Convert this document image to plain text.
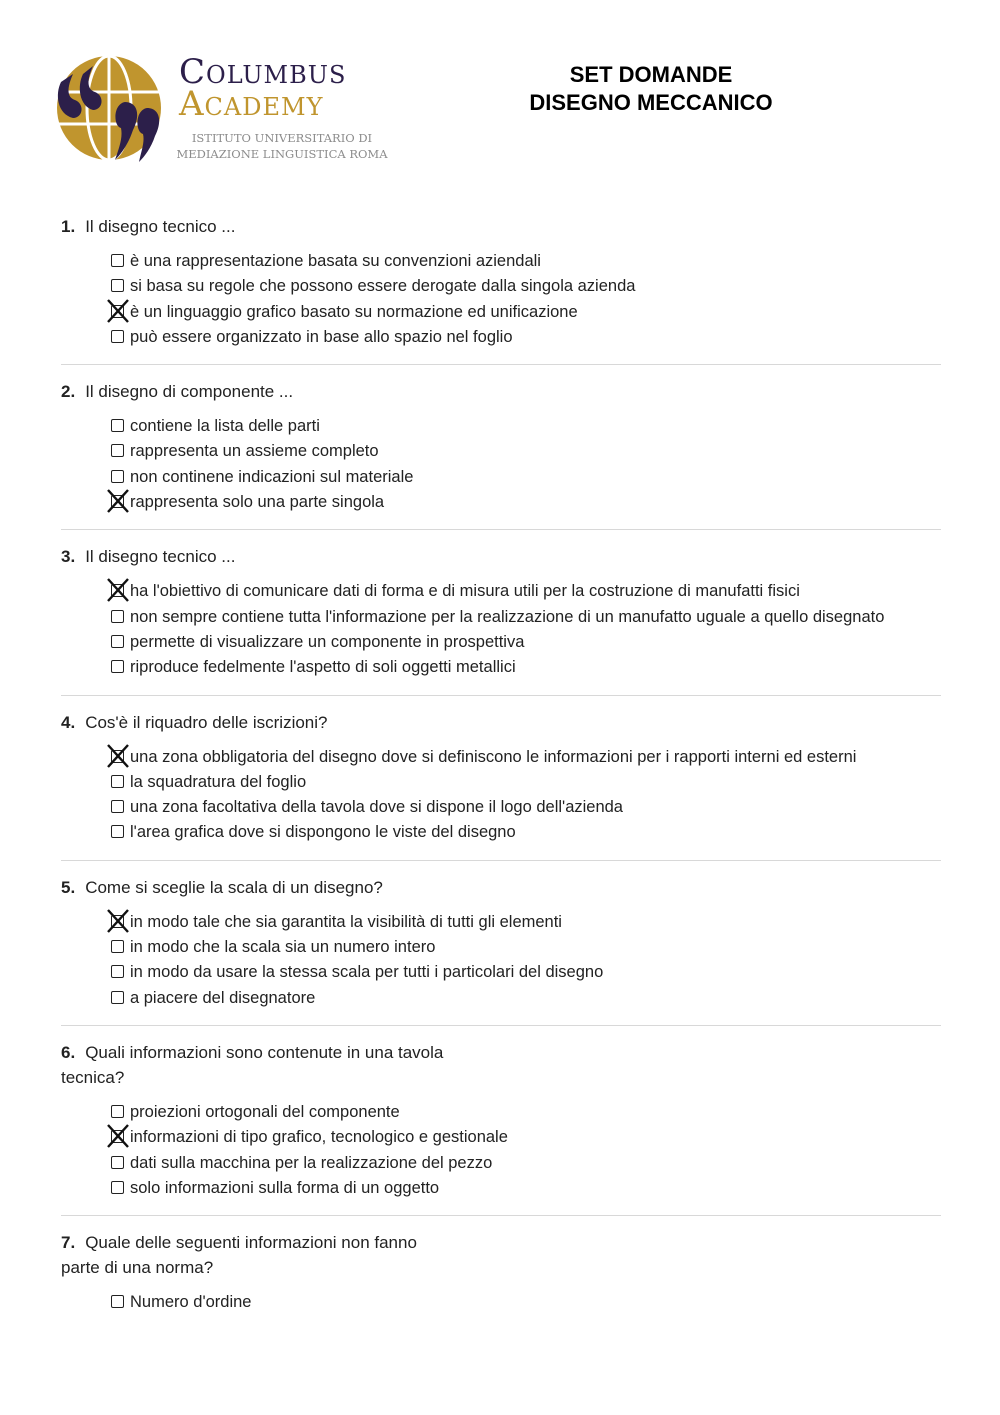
Columbus
Academy
ISTITUTO UNIVERSITARIO DI
MEDIAZIONE LINGUISTICA ROMA
SET DOMANDE
DISEGNO MECCANICO

1. Il disegno tecnico ...

è una rappresentazione basata su convenzioni aziendali
si basa su regole che possono essere derogate dalla singola azienda
è un linguaggio grafico basato su normazione ed unificazione
può essere organizzato in base allo spazio nel foglio

2. Il disegno di componente ...

contiene la lista delle parti
rappresenta un assieme completo
non continene indicazioni sul materiale
rappresenta solo una parte singola

3. Il disegno tecnico ...

ha l'obiettivo di comunicare dati di forma e di misura utili per la costruzione di manufatti fisici
non sempre contiene tutta l'informazione per la realizzazione di un manufatto uguale a quello disegnato
permette di visualizzare un componente in prospettiva
riproduce fedelmente l'aspetto di soli oggetti metallici

4. Cos'è il riquadro delle iscrizioni?

una zona obbligatoria del disegno dove si definiscono le informazioni per i rapporti interni ed esterni
la squadratura del foglio
una zona facoltativa della tavola dove si dispone il logo dell'azienda
l'area grafica dove si dispongono le viste del disegno

5. Come si sceglie la scala di un disegno?

in modo tale che sia garantita la visibilità di tutti gli elementi
in modo che la scala sia un numero intero
in modo da usare la stessa scala per tutti i particolari del disegno
a piacere del disegnatore

6. Quali informazioni sono contenute in una tavola tecnica?

proiezioni ortogonali del componente
informazioni di tipo grafico, tecnologico e gestionale
dati sulla macchina per la realizzazione del pezzo
solo informazioni sulla forma di un oggetto

7. Quale delle seguenti informazioni non fanno parte di una norma?

Numero d'ordine
